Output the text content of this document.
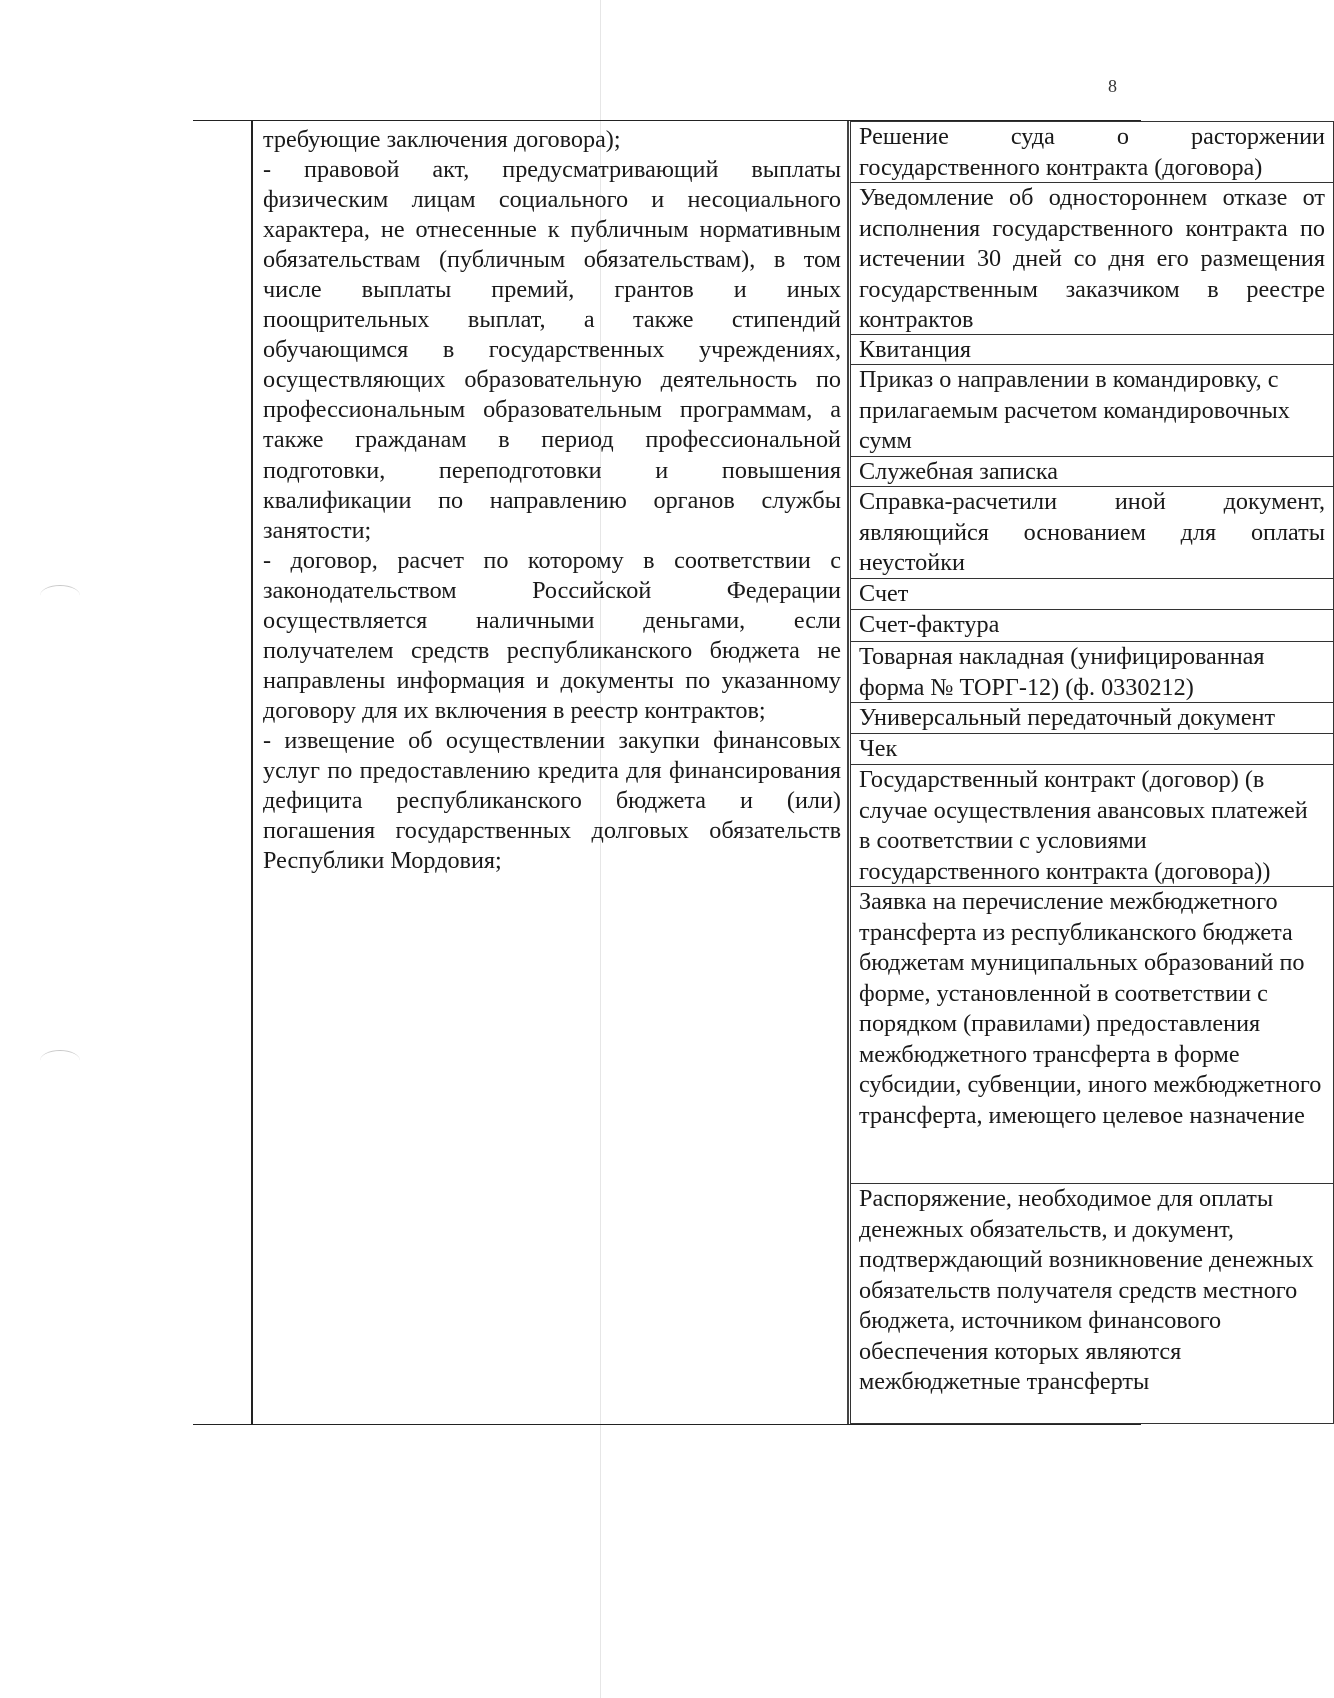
8

требующие заключения договора);

- правовой акт, предусматривающий выплаты физическим лицам социального и несоциального характера, не отнесенные к публичным нормативным обязательствам (публичным обязательствам), в том числе выплаты премий, грантов и иных поощрительных выплат, а также стипендий обучающимся в государственных учреждениях, осуществляющих образовательную деятельность по профессиональным образовательным программам, а также гражданам в период профессиональной подготовки, переподготовки и повышения квалификации по направлению органов службы занятости;

- договор, расчет по которому в соответствии с законодательством Российской Федерации осуществляется наличными деньгами, если получателем средств республиканского бюджета не направлены информация и документы по указанному договору для их включения в реестр контрактов;

- извещение об осуществлении закупки финансовых услуг по предоставлению кредита для финансирования дефицита республиканского бюджета и (или) погашения государственных долговых обязательств Республики Мордовия;

Решение суда о расторжении государственного контракта (договора)
Уведомление об одностороннем отказе от исполнения государственного контракта по истечении 30 дней со дня его размещения государственным заказчиком в реестре контрактов
Квитанция
Приказ о направлении в командировку, с прилагаемым расчетом командировочных сумм
Служебная записка
Справка-расчетили иной документ, являющийся основанием для оплаты неустойки
Счет
Счет-фактура
Товарная накладная (унифицированная форма № ТОРГ-12) (ф. 0330212)
Универсальный передаточный документ
Чек
Государственный контракт (договор) (в случае осуществления авансовых платежей в соответствии с условиями государственного контракта (договора))
Заявка на перечисление межбюджетного трансферта из республиканского бюджета бюджетам муниципальных образований по форме, установленной в соответствии с порядком (правилами) предоставления межбюджетного трансферта в форме субсидии, субвенции, иного межбюджетного трансферта, имеющего целевое назначение
Распоряжение, необходимое для оплаты денежных обязательств, и документ, подтверждающий возникновение денежных обязательств получателя средств местного бюджета, источником финансового обеспечения которых являются межбюджетные трансферты
